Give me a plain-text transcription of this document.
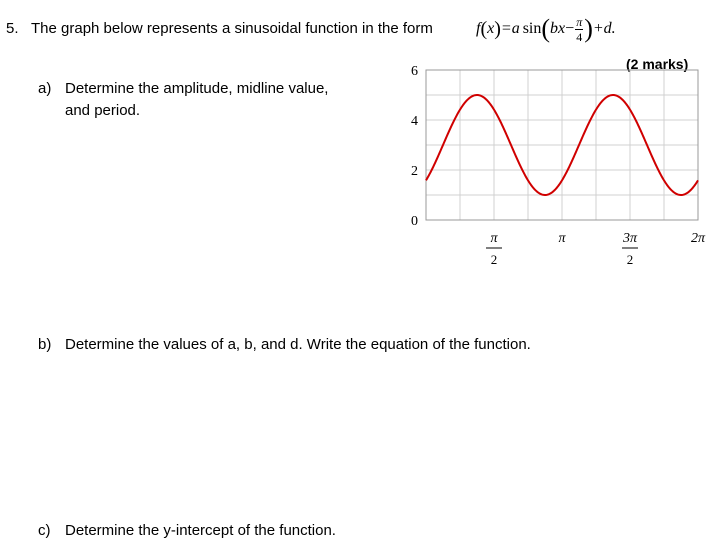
5. The graph below represents a sinusoidal function in the form	f ( x ) =a sin ( bx − $\frac{\pi}{4}$ ) +d.
(2 marks)
a) Determine the amplitude, midline value,
and period.
b) Determine the values of a, b, and d. Write the equation of the function.
c) Determine the y-intercept of the function.
0
2
4
6
π
2
π	3π
2
2π
